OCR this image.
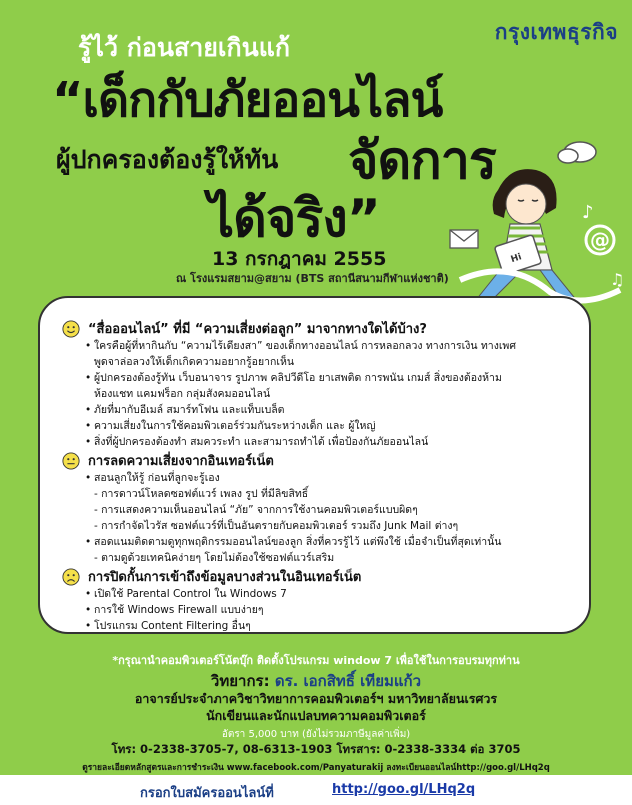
กรุงเทพธุรกิจ
รู้ไว้ ก่อนสายเกินแก้
“เด็กกับภัยออนไลน์
ผู้ปกครองต้องรู้ให้ทัน จัดการ
ได้จริง”
13 กรกฎาคม 2555
ณ โรงแรมสยาม@สยาม (BTS สถานีสนามกีฬาแห่งชาติ)
Hi
@
♪
♫
“สื่อออนไลน์” ที่มี “ความเสี่ยงต่อลูก” มาจากทางใดได้บ้าง?
• ใครคือผู้ที่หากินกับ “ความไร้เดียงสา” ของเด็กทางออนไลน์ การหลอกลวง ทางการเงิน ทางเพศ
พูดจาล่อลวงให้เด็กเกิดความอยากรู้อยากเห็น
• ผู้ปกครองต้องรู้ทัน เว็บอนาจาร รูปภาพ คลิปวีดีโอ ยาเสพติด การพนัน เกมส์ สิ่งของต้องห้าม
ห้องแชท แคมฟร็อก กลุ่มสังคมออนไลน์
• ภัยที่มากับอีเมล์ สมาร์ทโฟน และแท็บเบล็ต
• ความเสี่ยงในการใช้คอมพิวเตอร์ร่วมกันระหว่างเด็ก และ ผู้ใหญ่
• สิ่งที่ผู้ปกครองต้องทำ สมควระทำ และสามารถทำได้ เพื่อป้องกันภัยออนไลน์
การลดความเสี่ยงจากอินเทอร์เน็ต
• สอนลูกให้รู้ ก่อนที่ลูกจะรู้เอง
- การดาวน์โหลดซอฟต์แวร์ เพลง รูป ที่มีลิขสิทธิ์
- การแสดงความเห็นออนไลน์ “ภัย” จากการใช้งานคอมพิวเตอร์แบบผิดๆ
- การกำจัดไวรัส ซอฟต์แวร์ที่เป็นอันตรายกับคอมพิวเตอร์ รวมถึง Junk Mail ต่างๆ
• สอดแนมติดตามดูทุกพฤติกรรมออนไลน์ของลูก สิ่งที่ควรรู้ไว้ แต่พึงใช้ เมื่อจำเป็นที่สุดเท่านั้น
- ตามดูด้วยเทคนิคง่ายๆ โดยไม่ต้องใช้ซอฟต์แวร์เสริม
การปิดกั้นการเข้าถึงข้อมูลบางส่วนในอินเทอร์เน็ต
• เปิดใช้ Parental Control ใน Windows 7
• การใช้ Windows Firewall แบบง่ายๆ
• โปรแกรม Content Filtering อื่นๆ
*กรุณานำคอมพิวเตอร์โน้ตบุ๊ก ติดตั้งโปรแกรม window 7 เพื่อใช้ในการอบรมทุกท่าน
วิทยากร: ดร. เอกสิทธิ์ เทียมแก้ว
อาจารย์ประจำภาควิชาวิทยาการคอมพิวเตอร์ฯ มหาวิทยาลัยนเรศวร
นักเขียนและนักแปลบทความคอมพิวเตอร์
อัตรา 5,000 บาท (ยังไม่รวมภาษีมูลค่าเพิ่ม)
โทร: 0-2338-3705-7, 08-6313-1903 โทรสาร: 0-2338-3334 ต่อ 3705
ดูรายละเอียดหลักสูตรและการชำระเงิน www.facebook.com/Panyaturakij ลงทะเบียนออนไลน์http://goo.gl/LHq2q
กรอกใบสมัครออนไลน์ที่	http://goo.gl/LHq2q
